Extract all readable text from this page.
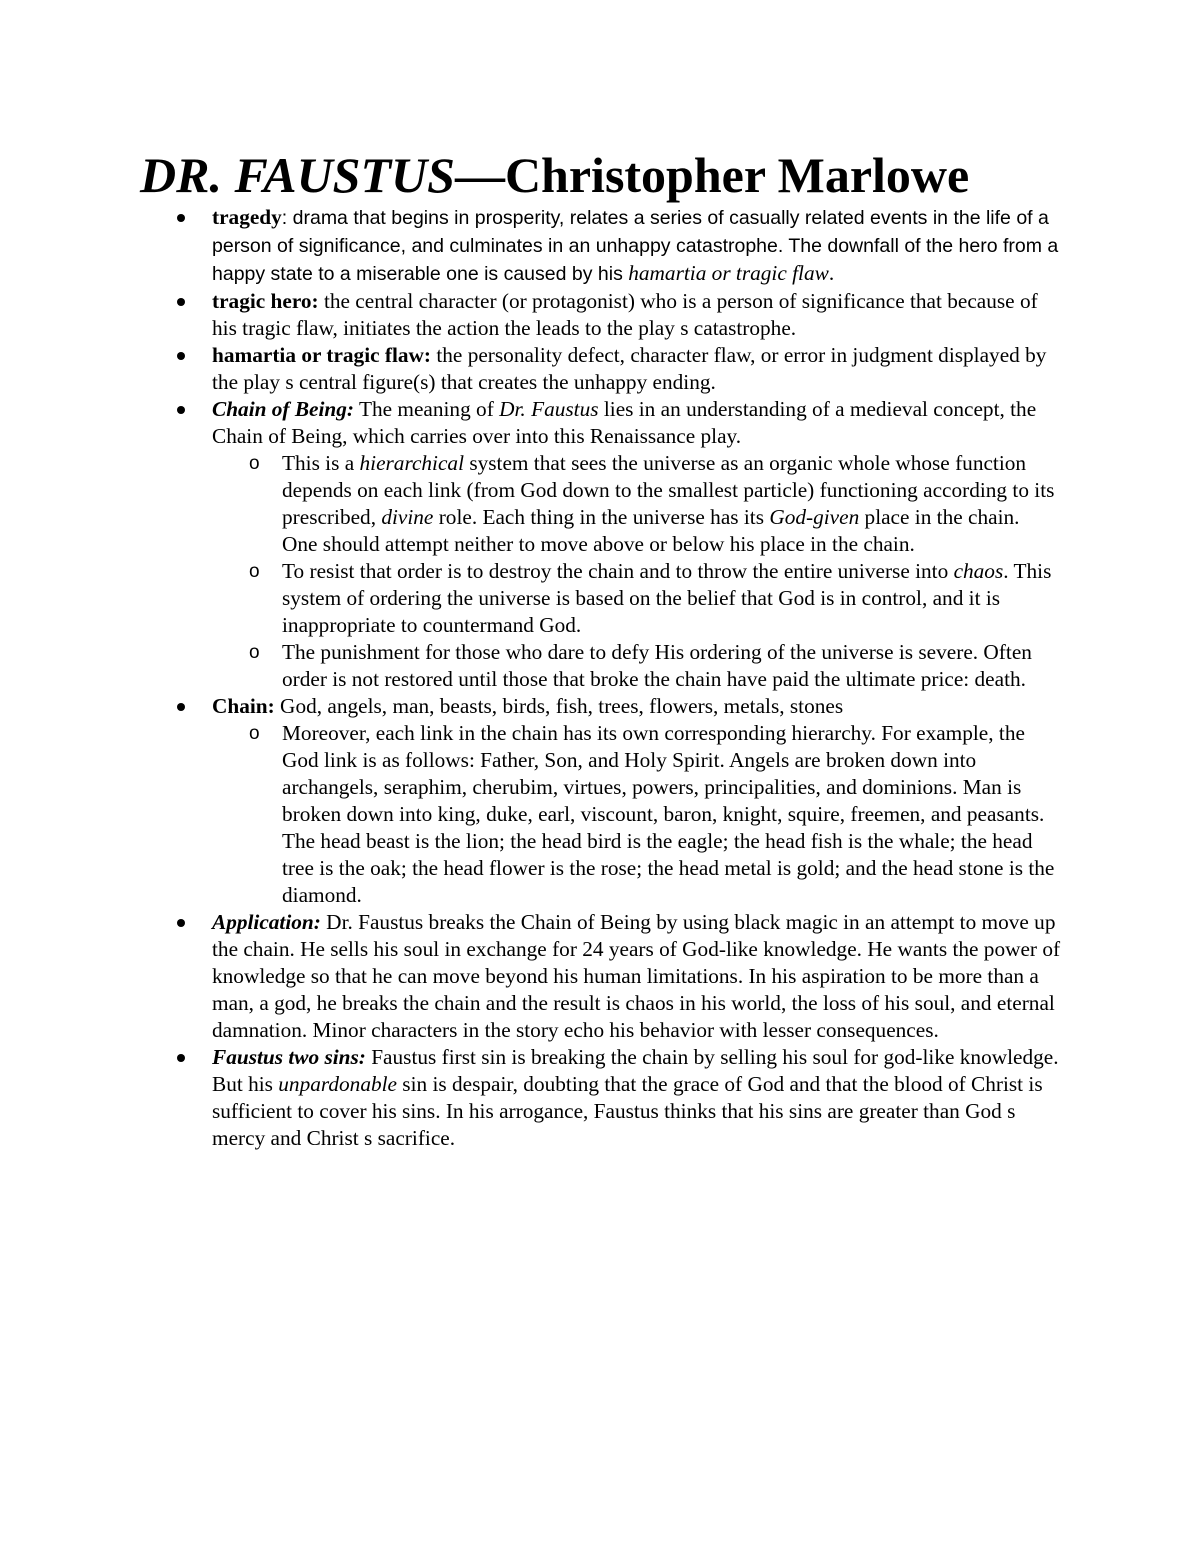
DR. FAUSTUS—Christopher Marlowe
tragedy: drama that begins in prosperity, relates a series of casually related events in the life of a person of significance, and culminates in an unhappy catastrophe. The downfall of the hero from a happy state to a miserable one is caused by his hamartia or tragic flaw.
tragic hero: the central character (or protagonist) who is a person of significance that because of his tragic flaw, initiates the action the leads to the play s catastrophe.
hamartia or tragic flaw: the personality defect, character flaw, or error in judgment displayed by the play s central figure(s) that creates the unhappy ending.
Chain of Being: The meaning of Dr. Faustus lies in an understanding of a medieval concept, the Chain of Being, which carries over into this Renaissance play.
o This is a hierarchical system that sees the universe as an organic whole whose function depends on each link (from God down to the smallest particle) functioning according to its prescribed, divine role. Each thing in the universe has its God-given place in the chain. One should attempt neither to move above or below his place in the chain.
o To resist that order is to destroy the chain and to throw the entire universe into chaos. This system of ordering the universe is based on the belief that God is in control, and it is inappropriate to countermand God.
o The punishment for those who dare to defy His ordering of the universe is severe. Often order is not restored until those that broke the chain have paid the ultimate price: death.
Chain: God, angels, man, beasts, birds, fish, trees, flowers, metals, stones
o Moreover, each link in the chain has its own corresponding hierarchy. For example, the God link is as follows: Father, Son, and Holy Spirit. Angels are broken down into archangels, seraphim, cherubim, virtues, powers, principalities, and dominions. Man is broken down into king, duke, earl, viscount, baron, knight, squire, freemen, and peasants. The head beast is the lion; the head bird is the eagle; the head fish is the whale; the head tree is the oak; the head flower is the rose; the head metal is gold; and the head stone is the diamond.
Application: Dr. Faustus breaks the Chain of Being by using black magic in an attempt to move up the chain. He sells his soul in exchange for 24 years of God-like knowledge. He wants the power of knowledge so that he can move beyond his human limitations. In his aspiration to be more than a man, a god, he breaks the chain and the result is chaos in his world, the loss of his soul, and eternal damnation. Minor characters in the story echo his behavior with lesser consequences.
Faustus two sins: Faustus first sin is breaking the chain by selling his soul for god-like knowledge. But his unpardonable sin is despair, doubting that the grace of God and that the blood of Christ is sufficient to cover his sins. In his arrogance, Faustus thinks that his sins are greater than God s mercy and Christ s sacrifice.
